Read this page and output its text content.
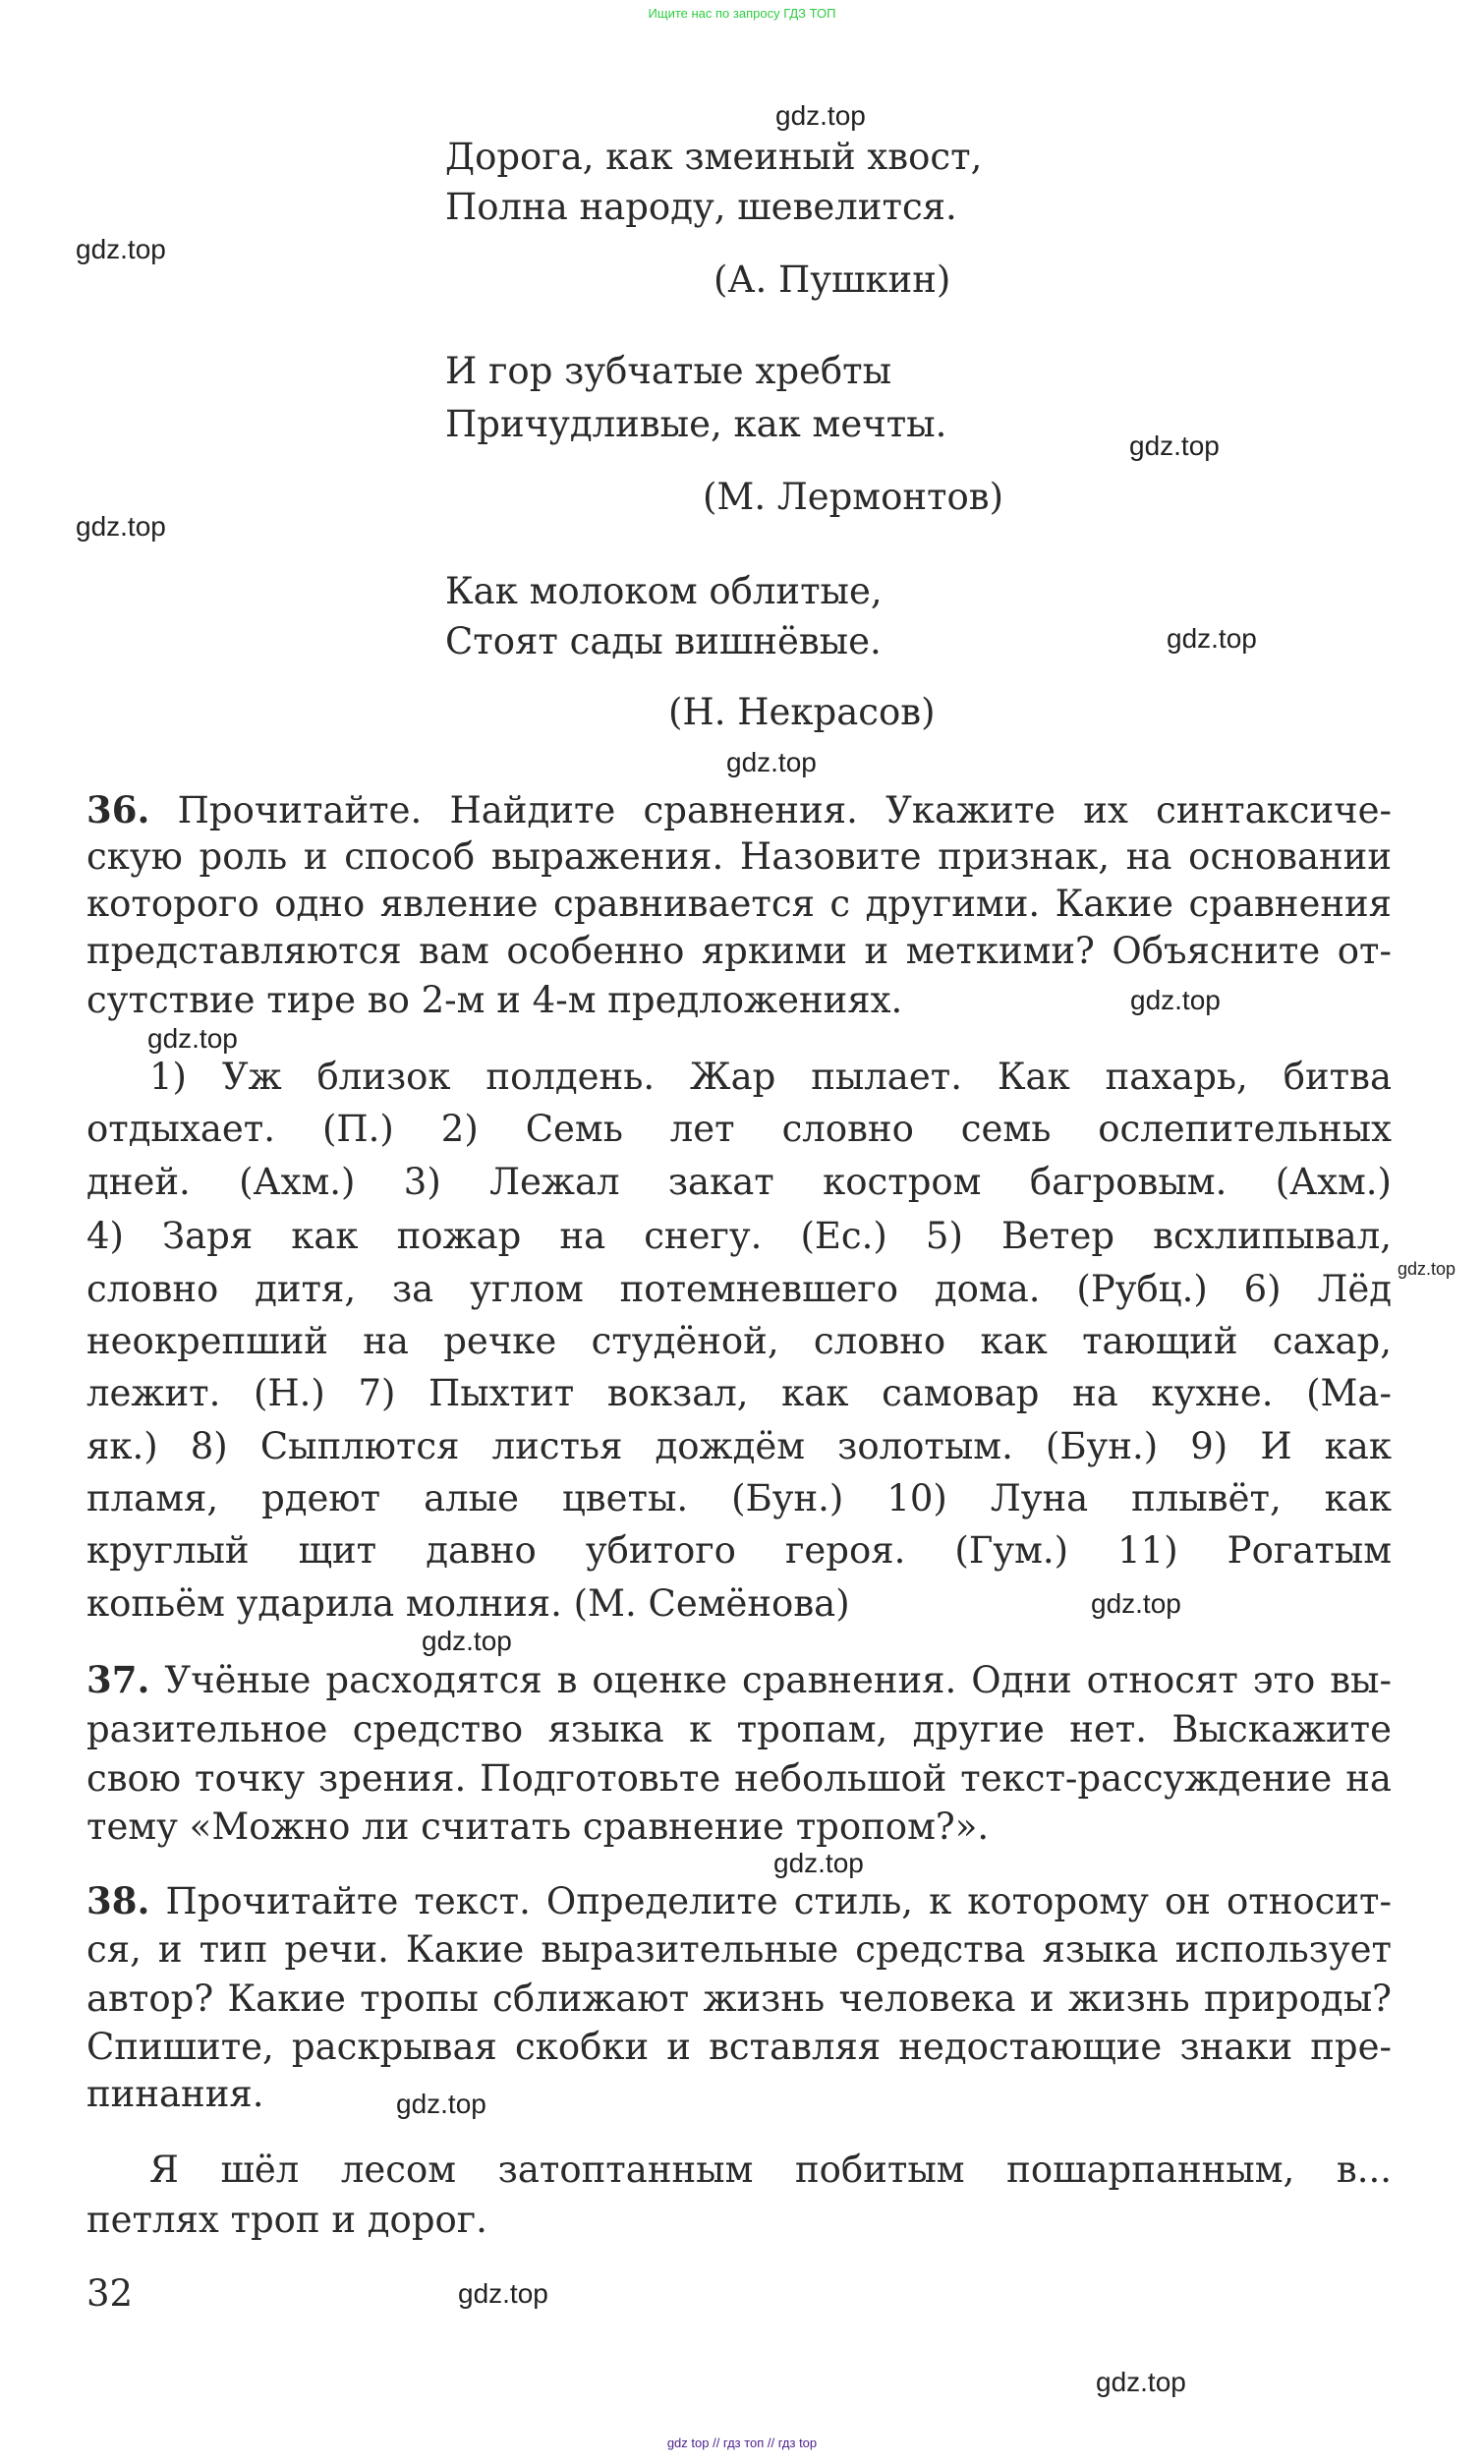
Ищите нас по запросу ГДЗ ТОП
Дорога, как змеиный хвост,
Полна народу, шевелится.
(А. Пушкин)
И гор зубчатые хребты
Причудливые, как мечты.
(М. Лермонтов)
Как молоком облитые,
Стоят сады вишнёвые.
(Н. Некрасов)
36. Прочитайте. Найдите сравнения. Укажите их синтаксиче-
скую роль и способ выражения. Назовите признак, на основании
которого одно явление сравнивается с другими. Какие сравнения
представляются вам особенно яркими и меткими? Объясните от-
сутствие тире во 2-м и 4-м предложениях.
1) Уж близок полдень. Жар пылает. Как пахарь, битва
отдыхает. (П.) 2) Семь лет словно семь ослепительных
дней. (Ахм.) 3) Лежал закат костром багровым. (Ахм.)
4) Заря как пожар на снегу. (Ес.) 5) Ветер всхлипывал,
словно дитя, за углом потемневшего дома. (Рубц.) 6) Лёд
неокрепший на речке студёной, словно как тающий сахар,
лежит. (Н.) 7) Пыхтит вокзал, как самовар на кухне. (Ма-
як.) 8) Сыплются листья дождём золотым. (Бун.) 9) И как
пламя, рдеют алые цветы. (Бун.) 10) Луна плывёт, как
круглый щит давно убитого героя. (Гум.) 11) Рогатым
копьём ударила молния. (М. Семёнова)
37. Учёные расходятся в оценке сравнения. Одни относят это вы-
разительное средство языка к тропам, другие нет. Выскажите
свою точку зрения. Подготовьте небольшой текст-рассуждение на
тему «Можно ли считать сравнение тропом?».
38. Прочитайте текст. Определите стиль, к которому он относит-
ся, и тип речи. Какие выразительные средства языка использует
автор? Какие тропы сближают жизнь человека и жизнь природы?
Спишите, раскрывая скобки и вставляя недостающие знаки пре-
пинания.
Я шёл лесом затоптанным побитым пошарпанным, в...
петлях троп и дорог.
32
gdz.top
gdz.top
gdz.top
gdz.top
gdz.top
gdz.top
gdz.top
gdz.top
gdz.top
gdz.top
gdz.top
gdz.top
gdz.top
gdz.top
gdz.top
gdz top // гдз топ // гдз top
